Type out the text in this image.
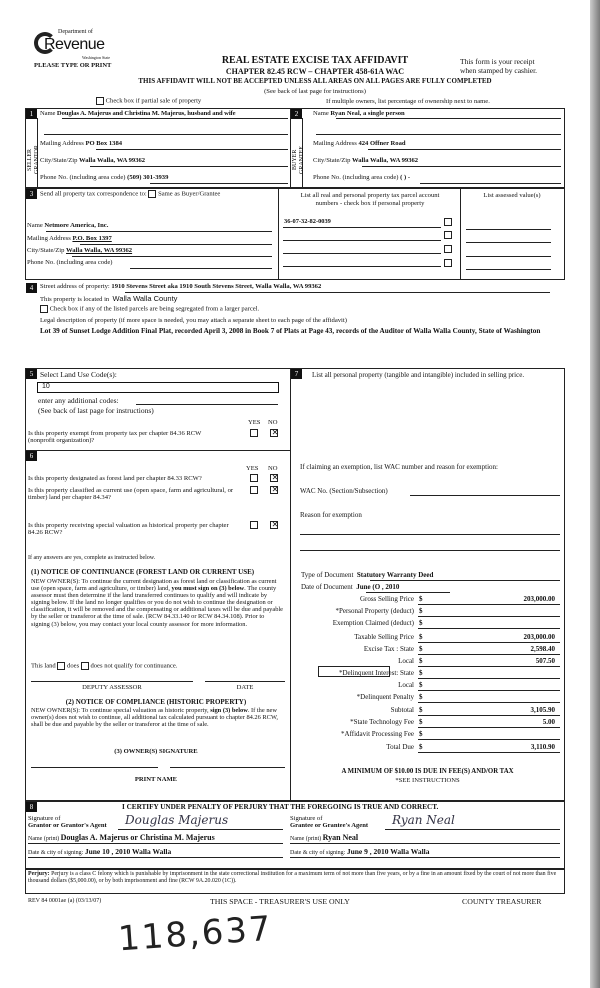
Department of
Revenue
Washington State
PLEASE TYPE OR PRINT	REAL ESTATE EXCISE TAX AFFIDAVIT
CHAPTER 82.45 RCW – CHAPTER 458-61A WAC
THIS AFFIDAVIT WILL NOT BE ACCEPTED UNLESS ALL AREAS ON ALL PAGES ARE FULLY COMPLETED
(See back of last page for instructions)
This form is your receipt
when stamped by cashier.
Check box if partial sale of property	If multiple owners, list percentage of ownership next to name.
1	2
SELLER GRANTOR	BUYER GRANTEE
Name Douglas A. Majerus and Christina M. Majerus, husband and wife
Mailing Address PO Box 1384
City/State/Zip Walla Walla, WA 99362
Phone No. (including area code) (509) 301-3939
Name Ryan Neal, a single person
Mailing Address 424 Offner Road
City/State/Zip Walla Walla, WA 99362
Phone No. (including area code) ( ) -
3	Send all property tax correspondence to: Same as Buyer/Grantee
Name Netmore America, Inc.
Mailing Address P.O. Box 1397
City/State/Zip Walla Walla, WA 99362
Phone No. (including area code)
List all real and personal property tax parcel account
numbers - check box if personal property
List assessed value(s)
36-07-32-82-0039
4	Street address of property: 1910 Stevens Street aka 1910 South Stevens Street, Walla Walla, WA 99362
This property is located in Walla Walla County
Check box if any of the listed parcels are being segregated from a larger parcel.
Legal description of property (if more space is needed, you may attach a separate sheet to each page of the affidavit)
Lot 39 of Sunset Lodge Addition Final Plat, recorded April 3, 2008 in Book 7 of Plats at Page 43, records of the Auditor of Walla Walla County, State of Washington
5 Select Land Use Code(s):
10
enter any additional codes:
(See back of last page for instructions)
YES NO
Is this property exempt from property tax per chapter 84.36 RCW (nonprofit organization)?
✕
6
YES NO
Is this property designated as forest land per chapter 84.33 RCW?
✕
Is this property classified as current use (open space, farm and agricultural, or timber) land per chapter 84.34?
✕
Is this property receiving special valuation as historical property per chapter 84.26 RCW?
✕
If any answers are yes, complete as instructed below.
(1) NOTICE OF CONTINUANCE (FOREST LAND OR CURRENT USE)
NEW OWNER(S): To continue the current designation as forest land or classification as current use (open space, farm and agriculture, or timber) land, you must sign on (3) below. The county assessor must then determine if the land transferred continues to qualify and will indicate by signing below. If the land no longer qualifies or you do not wish to continue the designation or classification, it will be removed and the compensating or additional taxes will be due and payable by the seller or transferor at the time of sale. (RCW 84.33.140 or RCW 84.34.108). Prior to signing (3) below, you may contact your local county assessor for more information.
This land does does not qualify for continuance.
DEPUTY ASSESSOR	DATE
(2) NOTICE OF COMPLIANCE (HISTORIC PROPERTY)
NEW OWNER(S): To continue special valuation as historic property, sign (3) below. If the new owner(s) does not wish to continue, all additional tax calculated pursuant to chapter 84.26 RCW, shall be due and payable by the seller or transferor at the time of sale.
(3) OWNER(S) SIGNATURE
PRINT NAME
7	List all personal property (tangible and intangible) included in selling price.
If claiming an exemption, list WAC number and reason for exemption:
WAC No. (Section/Subsection)
Reason for exemption
Type of Document Statutory Warranty Deed
Date of Document June (O , 2010
Gross Selling Price $	203,000.00
*Personal Property (deduct) $
Exemption Claimed (deduct) $
Taxable Selling Price $	203,000.00
Excise Tax : State $	2,598.40
Local $	507.50
*Delinquent Interest: State $
Local $
*Delinquent Penalty $
Subtotal $	3,105.90
*State Technology Fee $	5.00
*Affidavit Processing Fee $
Total Due $	3,110.90
A MINIMUM OF $10.00 IS DUE IN FEE(S) AND/OR TAX
*SEE INSTRUCTIONS
8	I CERTIFY UNDER PENALTY OF PERJURY THAT THE FOREGOING IS TRUE AND CORRECT.
Signature of
Grantor or Grantor's Agent Douglas Majerus
Name (print) Douglas A. Majerus or Christina M. Majerus
Date & city of signing: June 10 , 2010 Walla Walla
Signature of
Grantee or Grantee's Agent Ryan Neal
Name (print) Ryan Neal
Date & city of signing: June 9 , 2010 Walla Walla
Perjury: Perjury is a class C felony which is punishable by imprisonment in the state correctional institution for a maximum term of not more than five years, or by a fine in an amount fixed by the court of not more than five thousand dollars ($5,000.00), or by both imprisonment and fine (RCW 9A.20.020 (1C)).
REV 84 0001ae (a) (03/13/07)	THIS SPACE - TREASURER'S USE ONLY	COUNTY TREASURER
118,637
